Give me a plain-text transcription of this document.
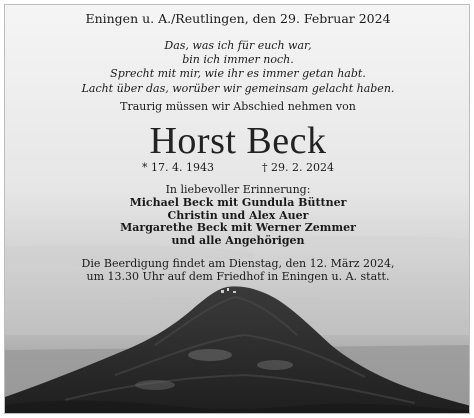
Eningen u. A./Reutlingen, den 29. Februar 2024
Das, was ich für euch war,
bin ich immer noch.
Sprecht mit mir, wie ihr es immer getan habt.
Lacht über das, worüber wir gemeinsam gelacht haben.
Traurig müssen wir Abschied nehmen von
Horst Beck
* 17. 4. 1943	† 29. 2. 2024
In liebevoller Erinnerung:
Michael Beck mit Gundula Büttner
Christin und Alex Auer
Margarethe Beck mit Werner Zemmer
und alle Angehörigen
Die Beerdigung findet am Dienstag, den 12. März 2024,
um 13.30 Uhr auf dem Friedhof in Eningen u. A. statt.
